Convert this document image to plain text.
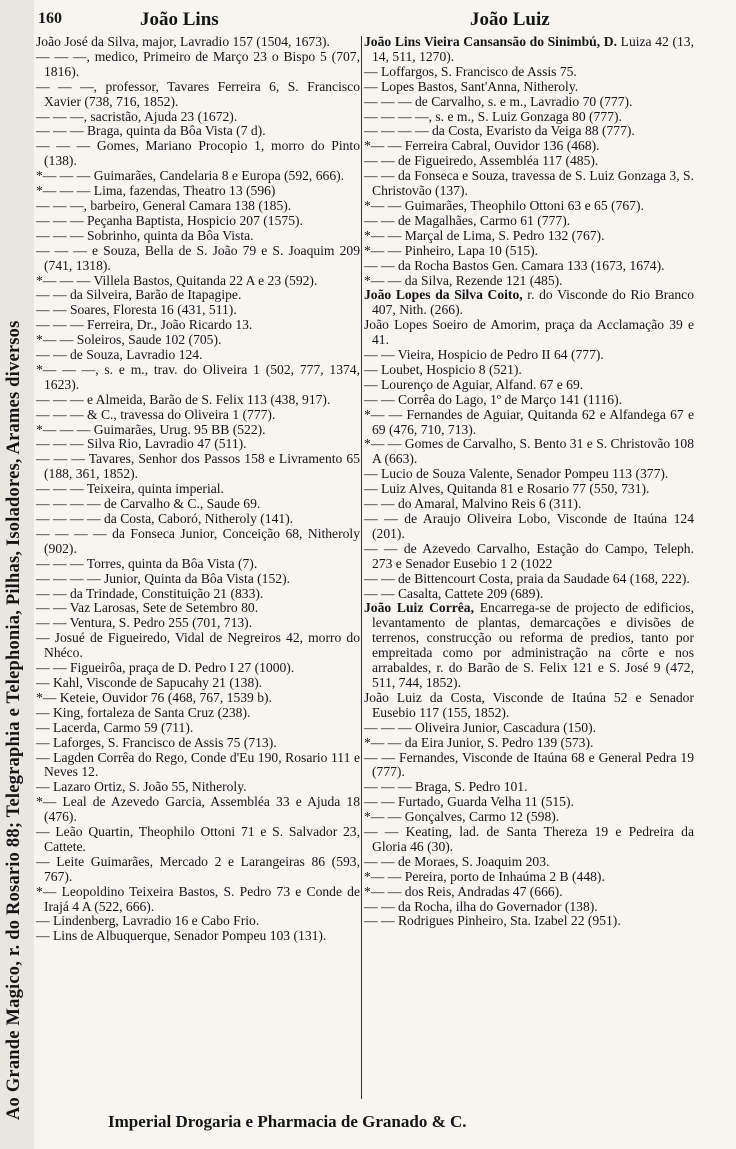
Ao Grande Magico, r. do Rosario 88; Telegraphia e Telephonia, Pilhas, Isoladores, Arames diversos
160	João Lins	João Luiz
João José da Silva, major, Lavradio 157 (1504, 1673).
— — —, medico, Primeiro de Março 23 o Bispo 5 (707, 1816).
— — —, professor, Tavares Ferreira 6, S. Francisco Xavier (738, 716, 1852).
— — —, sacristão, Ajuda 23 (1672).
— — — Braga, quinta da Bôa Vista (7 d).
— — — Gomes, Mariano Procopio 1, morro do Pinto (138).
*— — — Guimarães, Candelaria 8 e Europa (592, 666).
*— — — Lima, fazendas, Theatro 13 (596)
— — —, barbeiro, General Camara 138 (185).
— — — Peçanha Baptista, Hospicio 207 (1575).
— — — Sobrinho, quinta da Bôa Vista.
— — — e Souza, Bella de S. João 79 e S. Joaquim 209 (741, 1318).
*— — — Villela Bastos, Quitanda 22 A e 23 (592).
— — da Silveira, Barão de Itapagipe.
— — Soares, Floresta 16 (431, 511).
— — — Ferreira, Dr., João Ricardo 13.
*— — Soleiros, Saude 102 (705).
— — de Souza, Lavradio 124.
*— — —, s. e m., trav. do Oliveira 1 (502, 777, 1374, 1623).
— — — e Almeida, Barão de S. Felix 113 (438, 917).
— — — & C., travessa do Oliveira 1 (777).
*— — — Guimarães, Urug. 95 BB (522).
— — — Silva Rio, Lavradio 47 (511).
— — — Tavares, Senhor dos Passos 158 e Livramento 65 (188, 361, 1852).
— — — Teixeira, quinta imperial.
— — — — de Carvalho & C., Saude 69.
— — — — da Costa, Caboró, Nitheroly (141).
— — — — da Fonseca Junior, Conceição 68, Nitheroly (902).
— — — Torres, quinta da Bôa Vista (7).
— — — — Junior, Quinta da Bôa Vista (152).
— — da Trindade, Constituição 21 (833).
— — Vaz Larosas, Sete de Setembro 80.
— — Ventura, S. Pedro 255 (701, 713).
— Josué de Figueiredo, Vidal de Negreiros 42, morro do Nhéco.
— — Figueirôa, praça de D. Pedro I 27 (1000).
— Kahl, Visconde de Sapucahy 21 (138).
*— Keteie, Ouvidor 76 (468, 767, 1539 b).
— King, fortaleza de Santa Cruz (238).
— Lacerda, Carmo 59 (711).
— Laforges, S. Francisco de Assis 75 (713).
— Lagden Corrêa do Rego, Conde d'Eu 190, Rosario 111 e Neves 12.
— Lazaro Ortiz, S. João 55, Nitheroly.
*— Leal de Azevedo Garcia, Assembléa 33 e Ajuda 18 (476).
— Leão Quartin, Theophilo Ottoni 71 e S. Salvador 23, Cattete.
— Leite Guimarães, Mercado 2 e Larangeiras 86 (593, 767).
*— Leopoldino Teixeira Bastos, S. Pedro 73 e Conde de Irajá 4 A (522, 666).
— Lindenberg, Lavradio 16 e Cabo Frio.
— Lins de Albuquerque, Senador Pompeu 103 (131).
João Lins Vieira Cansansão do Sinimbú, D. Luiza 42 (13, 14, 511, 1270).
— Loffargos, S. Francisco de Assis 75.
— Lopes Bastos, Sant'Anna, Nitheroly.
— — — de Carvalho, s. e m., Lavradio 70 (777).
— — — —, s. e m., S. Luiz Gonzaga 80 (777).
— — — — da Costa, Evaristo da Veiga 88 (777).
*— — Ferreira Cabral, Ouvidor 136 (468).
— — de Figueiredo, Assembléa 117 (485).
— — da Fonseca e Souza, travessa de S. Luiz Gonzaga 3, S. Christovão (137).
*— — Guimarães, Theophilo Ottoni 63 e 65 (767).
— — de Magalhães, Carmo 61 (777).
*— — Marçal de Lima, S. Pedro 132 (767).
*— — Pinheiro, Lapa 10 (515).
— — da Rocha Bastos Gen. Camara 133 (1673, 1674).
*— — da Silva, Rezende 121 (485).
João Lopes da Silva Coito, r. do Visconde do Rio Branco 407, Nith. (266).
João Lopes Soeiro de Amorim, praça da Acclamação 39 e 41.
— — Vieira, Hospicio de Pedro II 64 (777).
— Loubet, Hospicio 8 (521).
— Lourenço de Aguiar, Alfand. 67 e 69.
— — Corrêa do Lago, 1º de Março 141 (1116).
*— — Fernandes de Aguiar, Quitanda 62 e Alfandega 67 e 69 (476, 710, 713).
*— — Gomes de Carvalho, S. Bento 31 e S. Christovão 108 A (663).
— Lucio de Souza Valente, Senador Pompeu 113 (377).
— Luiz Alves, Quitanda 81 e Rosario 77 (550, 731).
— — do Amaral, Malvino Reis 6 (311).
— — de Araujo Oliveira Lobo, Visconde de Itaúna 124 (201).
— — de Azevedo Carvalho, Estação do Campo, Teleph. 273 e Senador Eusebio 1 2 (1022
— — de Bittencourt Costa, praia da Saudade 64 (168, 222).
— — Casalta, Cattete 209 (689).
João Luiz Corrêa, Encarrega-se de projecto de edificios, levantamento de plantas, demarcações e divisões de terrenos, construcção ou reforma de predios, tanto por empreitada como por administração na côrte e nos arrabaldes, r. do Barão de S. Felix 121 e S. José 9 (472, 511, 744, 1852).
João Luiz da Costa, Visconde de Itaúna 52 e Senador Eusebio 117 (155, 1852).
— — — Oliveira Junior, Cascadura (150).
*— — da Eira Junior, S. Pedro 139 (573).
— — Fernandes, Visconde de Itaúna 68 e General Pedra 19 (777).
— — — Braga, S. Pedro 101.
— — Furtado, Guarda Velha 11 (515).
*— — Gonçalves, Carmo 12 (598).
— — Keating, lad. de Santa Thereza 19 e Pedreira da Gloria 46 (30).
— — de Moraes, S. Joaquim 203.
*— — Pereira, porto de Inhaúma 2 B (448).
*— — dos Reis, Andradas 47 (666).
— — da Rocha, ilha do Governador (138).
— — Rodrigues Pinheiro, Sta. Izabel 22 (951).
Imperial Drogaria e Pharmacia de Granado & C.
